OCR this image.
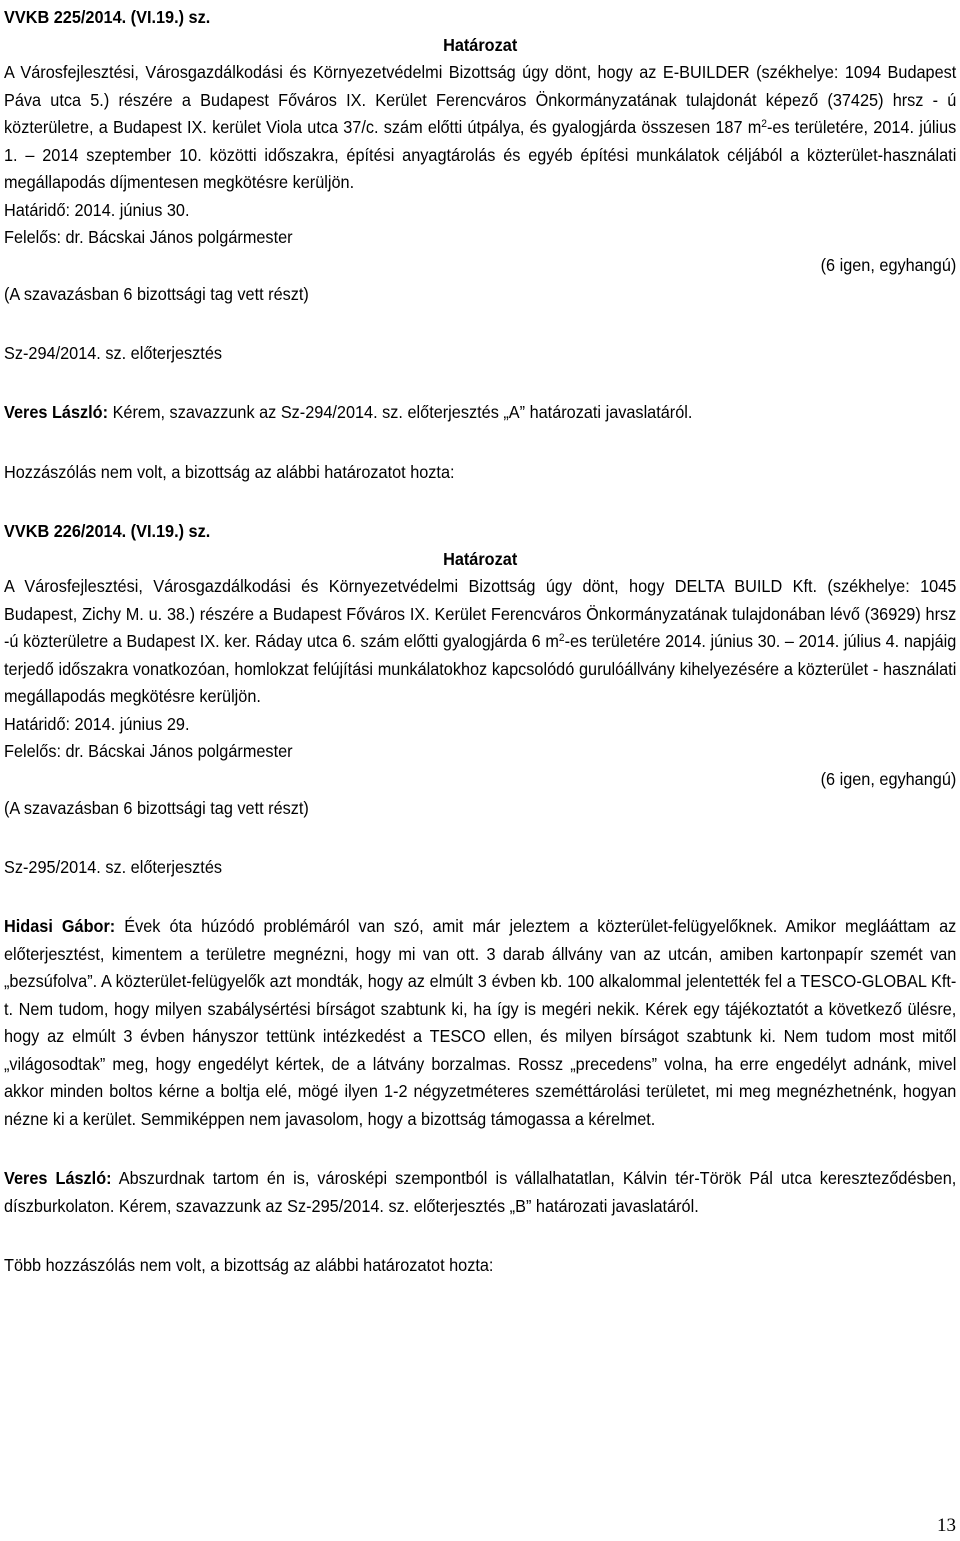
VVKB 225/2014. (VI.19.) sz.

Határozat

A Városfejlesztési, Városgazdálkodási és Környezetvédelmi Bizottság úgy dönt, hogy az E-BUILDER (székhelye: 1094 Budapest Páva utca 5.) részére a Budapest Főváros IX. Kerület Ferencváros Önkormányzatának tulajdonát képező (37425) hrsz - ú közterületre, a Budapest IX. kerület Viola utca 37/c. szám előtti útpálya, és gyalogjárda összesen 187 $m^2-es$ területére, 2014. július 1. – 2014 szeptember 10. közötti időszakra, építési anyagtárolás és egyéb építési munkálatok céljából a közterület-használati megállapodás díjmentesen megkötésre kerüljön.

Határidő: 2014. június 30.

Felelős: dr. Bácskai János polgármester

(6 igen, egyhangú)
(A szavazásban 6 bizottsági tag vett részt)

Sz-294/2014. sz. előterjesztés

Veres László: Kérem, szavazzunk az Sz-294/2014. sz. előterjesztés „A” határozati javaslatáról.

Hozzászólás nem volt, a bizottság az alábbi határozatot hozta:

VVKB 226/2014. (VI.19.) sz.

Határozat

A Városfejlesztési, Városgazdálkodási és Környezetvédelmi Bizottság úgy dönt, hogy DELTA BUILD Kft. (székhelye: 1045 Budapest, Zichy M. u. 38.) részére a Budapest Főváros IX. Kerület Ferencváros Önkormányzatának tulajdonában lévő (36929) hrsz -ú közterületre a Budapest IX. ker. Ráday utca 6. szám előtti gyalogjárda 6 $m^2-es$ területére 2014. június 30. – 2014. július 4. napjáig terjedő időszakra vonatkozóan, homlokzat felújítási munkálatokhoz kapcsolódó gurulóállvány kihelyezésére a közterület - használati megállapodás megkötésre kerüljön.

Határidő: 2014. június 29.

Felelős: dr. Bácskai János polgármester

(6 igen, egyhangú)
(A szavazásban 6 bizottsági tag vett részt)

Sz-295/2014. sz. előterjesztés

Hidasi Gábor: Évek óta húzódó problémáról van szó, amit már jeleztem a közterület-felügyelőknek. Amikor meglááttam az előterjesztést, kimentem a területre megnézni, hogy mi van ott. 3 darab állvány van az utcán, amiben kartonpapír szemét van „bezsúfolva”. A közterület-felügyelők azt mondták, hogy az elmúlt 3 évben kb. 100 alkalommal jelentették fel a TESCO-GLOBAL Kft-t. Nem tudom, hogy milyen szabálysértési bírságot szabtunk ki, ha így is megéri nekik. Kérek egy tájékoztatót a következő ülésre, hogy az elmúlt 3 évben hányszor tettünk intézkedést a TESCO ellen, és milyen bírságot szabtunk ki. Nem tudom most mitől „világosodtak” meg, hogy engedélyt kértek, de a látvány borzalmas. Rossz „precedens” volna, ha erre engedélyt adnánk, mivel akkor minden boltos kérne a boltja elé, mögé ilyen 1-2 négyzetméteres szeméttárolási területet, mi meg megnézhetnénk, hogyan nézne ki a kerület. Semmiképpen nem javasolom, hogy a bizottság támogassa a kérelmet.

Veres László: Abszurdnak tartom én is, városképi szempontból is vállalhatatlan, Kálvin tér-Török Pál utca kereszteződésben, díszburkolaton. Kérem, szavazzunk az Sz-295/2014. sz. előterjesztés „B” határozati javaslatáról.

Több hozzászólás nem volt, a bizottság az alábbi határozatot hozta:

13
